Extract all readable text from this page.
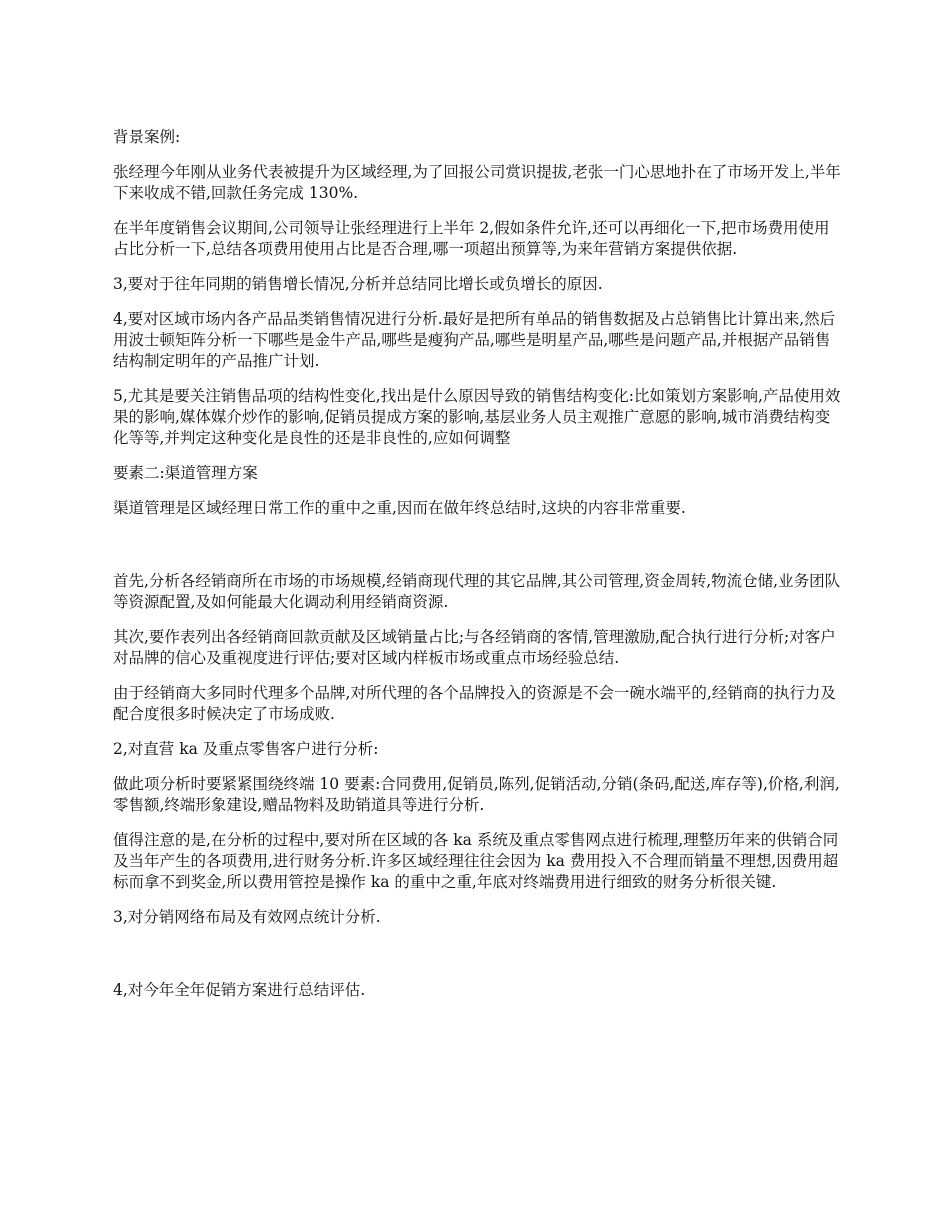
背景案例:

张经理今年刚从业务代表被提升为区域经理,为了回报公司赏识提拔,老张一门心思地扑在了市场开发上,半年下来收成不错,回款任务完成 130%.

在半年度销售会议期间,公司领导让张经理进行上半年 2,假如条件允许,还可以再细化一下,把市场费用使用占比分析一下,总结各项费用使用占比是否合理,哪一项超出预算等,为来年营销方案提供依据.

3,要对于往年同期的销售增长情况,分析并总结同比增长或负增长的原因.

4,要对区域市场内各产品品类销售情况进行分析.最好是把所有单品的销售数据及占总销售比计算出来,然后用波士顿矩阵分析一下哪些是金牛产品,哪些是瘦狗产品,哪些是明星产品,哪些是问题产品,并根据产品销售结构制定明年的产品推广计划.

5,尤其是要关注销售品项的结构性变化,找出是什么原因导致的销售结构变化:比如策划方案影响,产品使用效果的影响,媒体媒介炒作的影响,促销员提成方案的影响,基层业务人员主观推广意愿的影响,城市消费结构变化等等,并判定这种变化是良性的还是非良性的,应如何调整

要素二:渠道管理方案

渠道管理是区域经理日常工作的重中之重,因而在做年终总结时,这块的内容非常重要.

首先,分析各经销商所在市场的市场规模,经销商现代理的其它品牌,其公司管理,资金周转,物流仓储,业务团队等资源配置,及如何能最大化调动利用经销商资源.

其次,要作表列出各经销商回款贡献及区域销量占比;与各经销商的客情,管理激励,配合执行进行分析;对客户对品牌的信心及重视度进行评估;要对区域内样板市场或重点市场经验总结.

由于经销商大多同时代理多个品牌,对所代理的各个品牌投入的资源是不会一碗水端平的,经销商的执行力及配合度很多时候决定了市场成败.

2,对直营 ka 及重点零售客户进行分析:

做此项分析时要紧紧围绕终端 10 要素:合同费用,促销员,陈列,促销活动,分销(条码,配送,库存等),价格,利润,零售额,终端形象建设,赠品物料及助销道具等进行分析.

值得注意的是,在分析的过程中,要对所在区域的各 ka 系统及重点零售网点进行梳理,理整历年来的供销合同及当年产生的各项费用,进行财务分析.许多区域经理往往会因为 ka 费用投入不合理而销量不理想,因费用超标而拿不到奖金,所以费用管控是操作 ka 的重中之重,年底对终端费用进行细致的财务分析很关键.

3,对分销网络布局及有效网点统计分析.

4,对今年全年促销方案进行总结评估.
